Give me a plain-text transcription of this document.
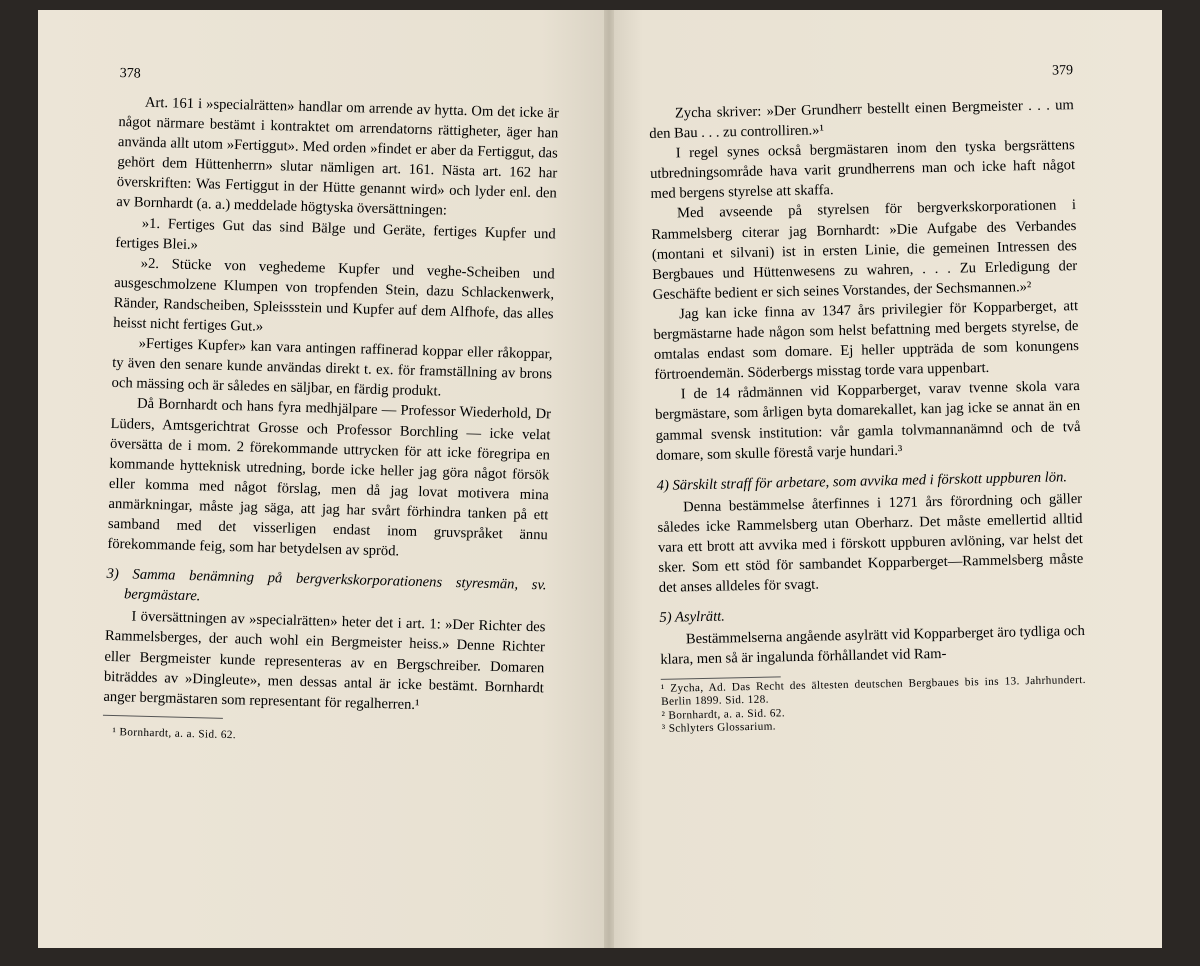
378

Art. 161 i »specialrätten» handlar om arrende av hytta. Om det icke är något närmare bestämt i kontraktet om arrendatorns rättigheter, äger han använda allt utom »Fertiggut». Med orden »findet er aber da Fertiggut, das gehört dem Hüttenherrn» slutar nämligen art. 161. Nästa art. 162 har överskriften: Was Fertiggut in der Hütte genannt wird» och lyder enl. den av Bornhardt (a. a.) meddelade högtyska översättningen:

»1. Fertiges Gut das sind Bälge und Geräte, fertiges Kupfer und fertiges Blei.»

»2. Stücke von veghedeme Kupfer und veghe-Scheiben und ausgeschmolzene Klumpen von tropfenden Stein, dazu Schlackenwerk, Ränder, Randscheiben, Spleissstein und Kupfer auf dem Alfhofe, das alles heisst nicht fertiges Gut.»

»Fertiges Kupfer» kan vara antingen raffinerad koppar eller råkoppar, ty även den senare kunde användas direkt t. ex. för framställning av brons och mässing och är således en säljbar, en färdig produkt.

Då Bornhardt och hans fyra medhjälpare — Professor Wiederhold, Dr Lüders, Amtsgerichtrat Grosse och Professor Borchling — icke velat översätta de i mom. 2 förekommande uttrycken för att icke föregripa en kommande hytteknisk utredning, borde icke heller jag göra något försök eller komma med något förslag, men då jag lovat motivera mina anmärkningar, måste jag säga, att jag har svårt förhindra tanken på ett samband med det visserligen endast inom gruvspråket ännu förekommande feig, som har betydelsen av spröd.

3) Samma benämning på bergverkskorporationens styresmän, sv. bergmästare.

I översättningen av »specialrätten» heter det i art. 1: »Der Richter des Rammelsberges, der auch wohl ein Bergmeister heiss.» Denne Richter eller Bergmeister kunde representeras av en Bergschreiber. Domaren biträddes av »Dingleute», men dessas antal är icke bestämt. Bornhardt anger bergmästaren som representant för regalherren.¹

¹ Bornhardt, a. a. Sid. 62.

379

Zycha skriver: »Der Grundherr bestellt einen Bergmeister . . . um den Bau . . . zu controlliren.»¹

I regel synes också bergmästaren inom den tyska bergsrättens utbredningsområde hava varit grundherrens man och icke haft något med bergens styrelse att skaffa.

Med avseende på styrelsen för bergverkskorporationen i Rammelsberg citerar jag Bornhardt: »Die Aufgabe des Verbandes (montani et silvani) ist in ersten Linie, die gemeinen Intressen des Bergbaues und Hüttenwesens zu wahren, . . . Zu Erledigung der Geschäfte bedient er sich seines Vorstandes, der Sechsmannen.»²

Jag kan icke finna av 1347 års privilegier för Kopparberget, att bergmästarne hade någon som helst befattning med bergets styrelse, de omtalas endast som domare. Ej heller uppträda de som konungens förtroendemän. Söderbergs misstag torde vara uppenbart.

I de 14 rådmännen vid Kopparberget, varav tvenne skola vara bergmästare, som årligen byta domarekallet, kan jag icke se annat än en gammal svensk institution: vår gamla tolvmannanämnd och de två domare, som skulle förestå varje hundari.³

4) Särskilt straff för arbetare, som avvika med i förskott uppburen lön.

Denna bestämmelse återfinnes i 1271 års förordning och gäller således icke Rammelsberg utan Oberharz. Det måste emellertid alltid vara ett brott att avvika med i förskott uppburen avlöning, var helst det sker. Som ett stöd för sambandet Kopparberget—Rammelsberg måste det anses alldeles för svagt.

5) Asylrätt.

Bestämmelserna angående asylrätt vid Kopparberget äro tydliga och klara, men så är ingalunda förhållandet vid Ram-

¹ Zycha, Ad. Das Recht des ältesten deutschen Bergbaues bis ins 13. Jahrhundert. Berlin 1899. Sid. 128.

² Bornhardt, a. a. Sid. 62.

³ Schlyters Glossarium.
